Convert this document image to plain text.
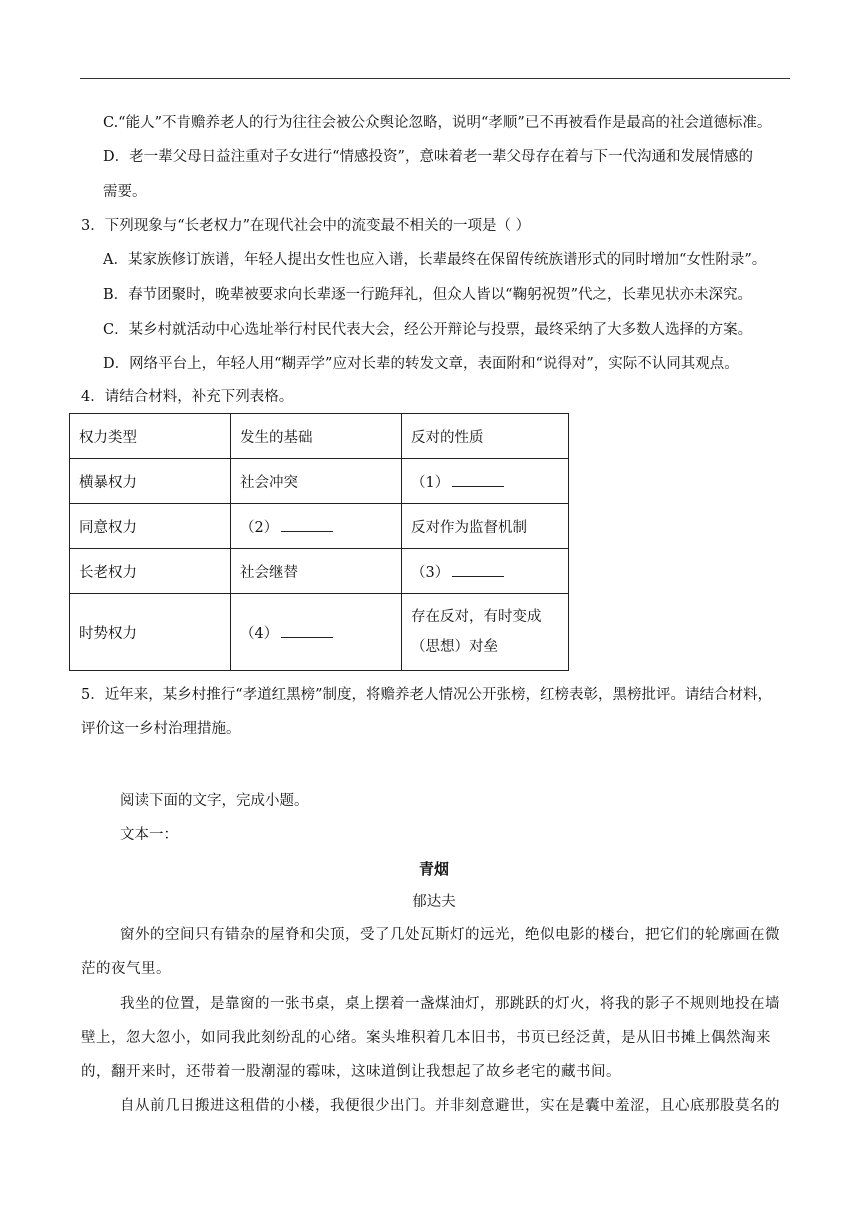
C.“能人”不肯赡养老人的行为往往会被公众舆论忽略，说明“孝顺”已不再被看作是最高的社会道德标准。
D．老一辈父母日益注重对子女进行“情感投资”，意味着老一辈父母存在着与下一代沟通和发展情感的
需要。
3．下列现象与“长老权力”在现代社会中的流变最不相关的一项是（ ）
A．某家族修订族谱，年轻人提出女性也应入谱，长辈最终在保留传统族谱形式的同时增加“女性附录”。
B．春节团聚时，晚辈被要求向长辈逐一行跪拜礼，但众人皆以“鞠躬祝贺”代之，长辈见状亦未深究。
C．某乡村就活动中心选址举行村民代表大会，经公开辩论与投票，最终采纳了大多数人选择的方案。
D．网络平台上，年轻人用“糊弄学”应对长辈的转发文章，表面附和“说得对”，实际不认同其观点。
4．请结合材料，补充下列表格。
权力类型	发生的基础	反对的性质
横暴权力	社会冲突	（1）
同意权力	（2）	反对作为监督机制
长老权力	社会继替	（3）
时势权力	（4）	存在反对，有时变成
（思想）对垒
5．近年来，某乡村推行“孝道红黑榜”制度，将赡养老人情况公开张榜，红榜表彰，黑榜批评。请结合材料，
评价这一乡村治理措施。
阅读下面的文字，完成小题。
文本一：
青烟
郁达夫
窗外的空间只有错杂的屋脊和尖顶，受了几处瓦斯灯的远光，绝似电影的楼台，把它们的轮廓画在微
茫的夜气里。
我坐的位置，是靠窗的一张书桌，桌上摆着一盏煤油灯，那跳跃的灯火，将我的影子不规则地投在墙
壁上，忽大忽小，如同我此刻纷乱的心绪。案头堆积着几本旧书，书页已经泛黄，是从旧书摊上偶然淘来
的，翻开来时，还带着一股潮湿的霉味，这味道倒让我想起了故乡老宅的藏书间。
自从前几日搬进这租借的小楼，我便很少出门。并非刻意避世，实在是囊中羞涩，且心底那股莫名的
